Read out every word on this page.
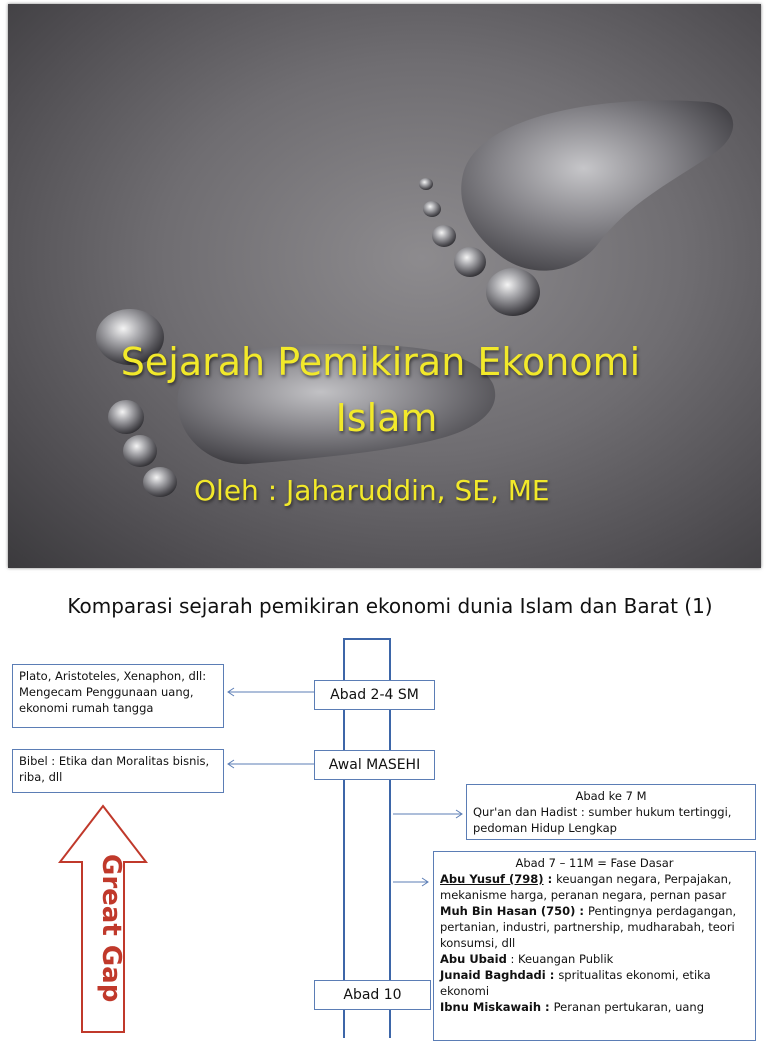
Sejarah Pemikiran Ekonomi
Islam
Oleh : Jaharuddin, SE, ME
Komparasi sejarah pemikiran ekonomi dunia Islam dan Barat (1)
Abad 2-4 SM
Awal MASEHI
Abad 10
Plato, Aristoteles, Xenaphon, dll: Mengecam Penggunaan uang, ekonomi rumah tangga
Bibel : Etika dan Moralitas bisnis, riba, dll
Abad ke 7 M
Qur'an dan Hadist : sumber hukum tertinggi, pedoman Hidup Lengkap
Abad 7 – 11M = Fase Dasar
Abu Yusuf (798) : keuangan negara, Perpajakan, mekanisme harga, peranan negara, pernan pasar
Muh Bin Hasan (750) : Pentingnya perdagangan, pertanian, industri, partnership, mudharabah, teori konsumsi, dll
Abu Ubaid : Keuangan Publik
Junaid Baghdadi : spritualitas ekonomi, etika ekonomi
Ibnu Miskawaih : Peranan pertukaran, uang
Great Gap
